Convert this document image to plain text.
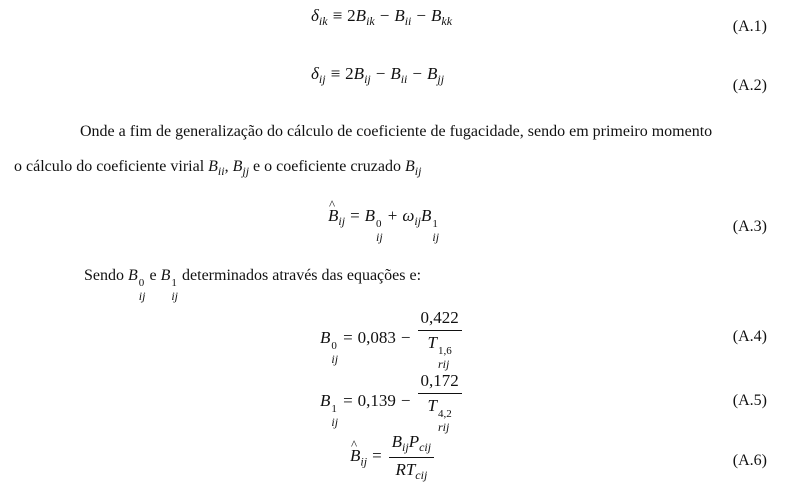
$\delta_{ik} \equiv 2B_{ik} - B_{ii} - B_{kk}$	(A.1)
$\delta_{ij} \equiv 2B_{ij} - B_{ii} - B_{jj}$	(A.2)
Onde a fim de generalização do cálculo de coeficiente de fugacidade, sendo em primeiro momento
o cálculo do coeficiente virial $B_{ii}$, $B_{jj}$ e o coeficiente cruzado $B_{ij}$
^ $B_{ij} = B$ 0
ij
+ $\omega_{ij}B$ 1
ij
(A.3)
Sendo B 0
ij
e B 1
ij
determinados através das equações e:
B 0
ij
= 0,083 − 0,422
T 1,6
rij	(A.4)
B 1
ij
= 0,139 − 0,172
T 4,2
rij	(A.5)
^ $B_{ij} = \frac{B_{ij}P_{cij}}{RT_{cij}}$	(A.6)
